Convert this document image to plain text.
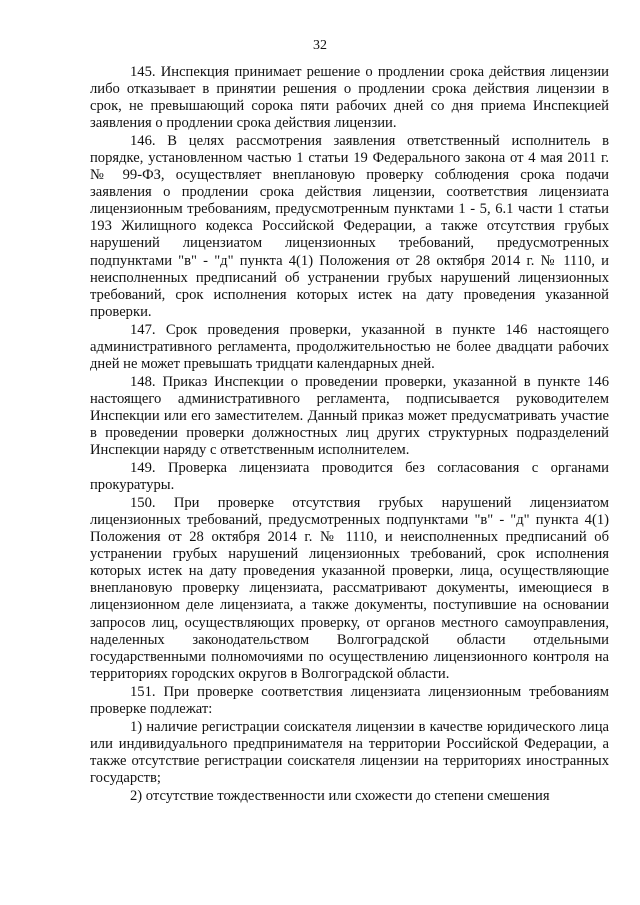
32

145. Инспекция принимает решение о продлении срока действия лицензии либо отказывает в принятии решения о продлении срока действия лицензии в срок, не превышающий сорока пяти рабочих дней со дня приема Инспекцией заявления о продлении срока действия лицензии.

146. В целях рассмотрения заявления ответственный исполнитель в порядке, установленном частью 1 статьи 19 Федерального закона от 4 мая 2011 г. № 99-ФЗ, осуществляет внеплановую проверку соблюдения срока подачи заявления о продлении срока действия лицензии, соответствия лицензиата лицензионным требованиям, предусмотренным пунктами 1 - 5, 6.1 части 1 статьи 193 Жилищного кодекса Российской Федерации, а также отсутствия грубых нарушений лицензиатом лицензионных требований, предусмотренных подпунктами "в" - "д" пункта 4(1) Положения от 28 октября 2014 г. № 1110, и неисполненных предписаний об устранении грубых нарушений лицензионных требований, срок исполнения которых истек на дату проведения указанной проверки.

147. Срок проведения проверки, указанной в пункте 146 настоящего административного регламента, продолжительностью не более двадцати рабочих дней не может превышать тридцати календарных дней.

148. Приказ Инспекции о проведении проверки, указанной в пункте 146 настоящего административного регламента, подписывается руководителем Инспекции или его заместителем. Данный приказ может предусматривать участие в проведении проверки должностных лиц других структурных подразделений Инспекции наряду с ответственным исполнителем.

149. Проверка лицензиата проводится без согласования с органами прокуратуры.

150. При проверке отсутствия грубых нарушений лицензиатом лицензионных требований, предусмотренных подпунктами "в" - "д" пункта 4(1) Положения от 28 октября 2014 г. № 1110, и неисполненных предписаний об устранении грубых нарушений лицензионных требований, срок исполнения которых истек на дату проведения указанной проверки, лица, осуществляющие внеплановую проверку лицензиата, рассматривают документы, имеющиеся в лицензионном деле лицензиата, а также документы, поступившие на основании запросов лиц, осуществляющих проверку, от органов местного самоуправления, наделенных законодательством Волгоградской области отдельными государственными полномочиями по осуществлению лицензионного контроля на территориях городских округов в Волгоградской области.

151. При проверке соответствия лицензиата лицензионным требованиям проверке подлежат:

1) наличие регистрации соискателя лицензии в качестве юридического лица или индивидуального предпринимателя на территории Российской Федерации, а также отсутствие регистрации соискателя лицензии на территориях иностранных государств;

2) отсутствие тождественности или схожести до степени смешения
